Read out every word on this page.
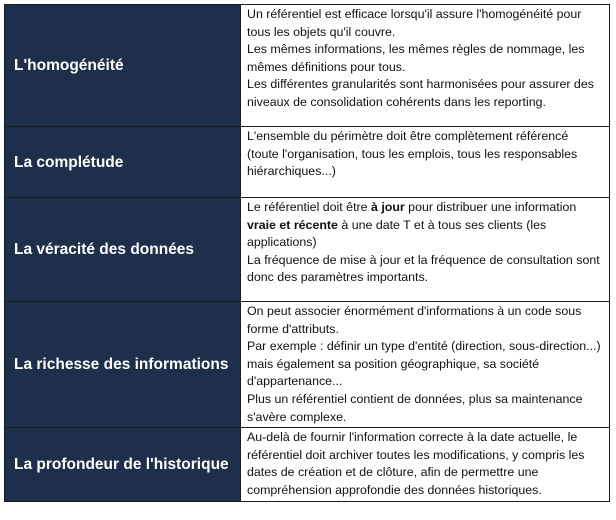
L'homogénéité	Un référentiel est efficace lorsqu'il assure l'homogénéité pour tous les objets qu'il couvre.
Les mêmes informations, les mêmes règles de nommage, les mêmes définitions pour tous.
Les différentes granularités sont harmonisées pour assurer des niveaux de consolidation cohérents dans les reporting.

La complétude	L'ensemble du périmètre doit être complètement référencé (toute l'organisation, tous les emplois, tous les responsables hiérarchiques...)

La véracité des données	Le référentiel doit être à jour pour distribuer une information vraie et récente à une date T et à tous ses clients (les applications)
La fréquence de mise à jour et la fréquence de consultation sont donc des paramètres importants.

La richesse des informations	On peut associer énormément d'informations à un code sous forme d'attributs.
Par exemple : définir un type d'entité (direction, sous-direction...) mais également sa position géographique, sa société d'appartenance...
Plus un référentiel contient de données, plus sa maintenance s'avère complexe.

La profondeur de l'historique	Au-delà de fournir l'information correcte à la date actuelle, le référentiel doit archiver toutes les modifications, y compris les dates de création et de clôture, afin de permettre une compréhension approfondie des données historiques.
